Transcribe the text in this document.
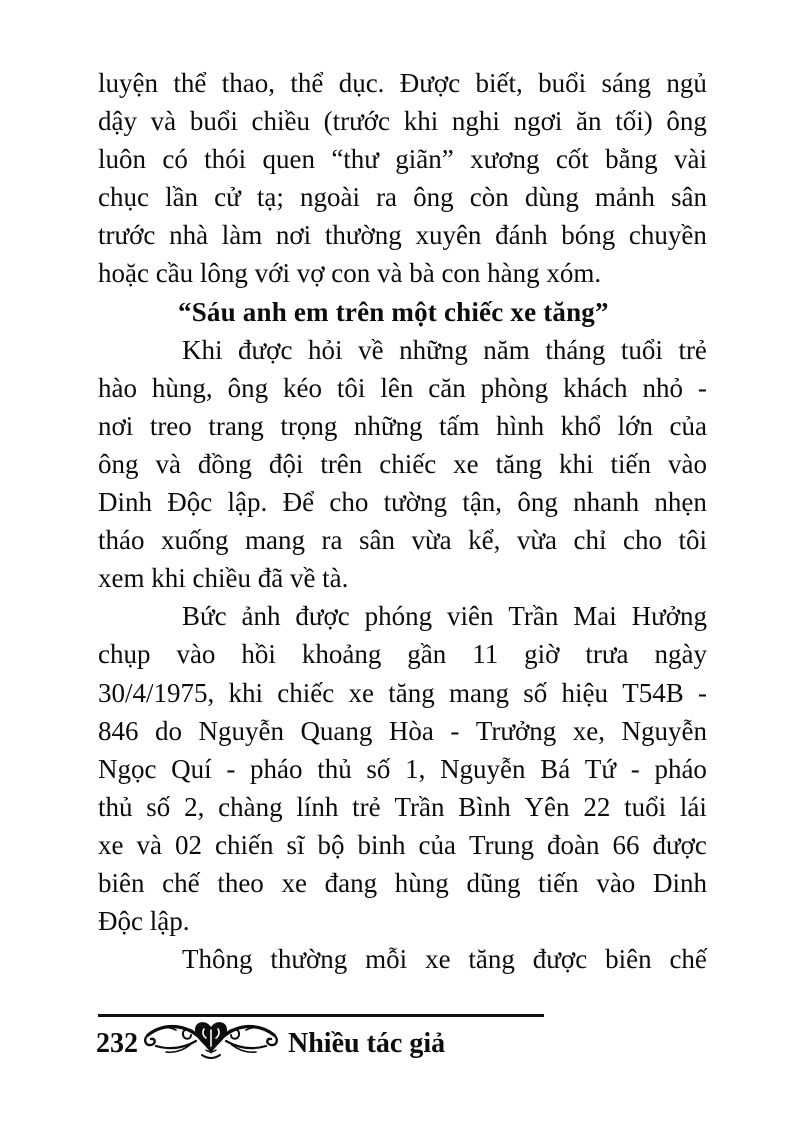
luyện thể thao, thể dục. Được biết, buổi sáng ngủ
dậy và buổi chiều (trước khi nghi ngơi ăn tối) ông
luôn có thói quen “thư giãn” xương cốt bằng vài
chục lần cử tạ; ngoài ra ông còn dùng mảnh sân
trước nhà làm nơi thường xuyên đánh bóng chuyền
hoặc cầu lông với vợ con và bà con hàng xóm.
“Sáu anh em trên một chiếc xe tăng”
Khi được hỏi về những năm tháng tuổi trẻ
hào hùng, ông kéo tôi lên căn phòng khách nhỏ -
nơi treo trang trọng những tấm hình khổ lớn của
ông và đồng đội trên chiếc xe tăng khi tiến vào
Dinh Độc lập. Để cho tường tận, ông nhanh nhẹn
tháo xuống mang ra sân vừa kể, vừa chỉ cho tôi
xem khi chiều đã về tà.
Bức ảnh được phóng viên Trần Mai Hưởng
chụp vào hồi khoảng gần 11 giờ trưa ngày
30/4/1975, khi chiếc xe tăng mang số hiệu T54B -
846 do Nguyễn Quang Hòa - Trưởng xe, Nguyễn
Ngọc Quí - pháo thủ số 1, Nguyễn Bá Tứ - pháo
thủ số 2, chàng lính trẻ Trần Bình Yên 22 tuổi lái
xe và 02 chiến sĩ bộ binh của Trung đoàn 66 được
biên chế theo xe đang hùng dũng tiến vào Dinh
Độc lập.
Thông thường mỗi xe tăng được biên chế
232	Nhiều tác giả
